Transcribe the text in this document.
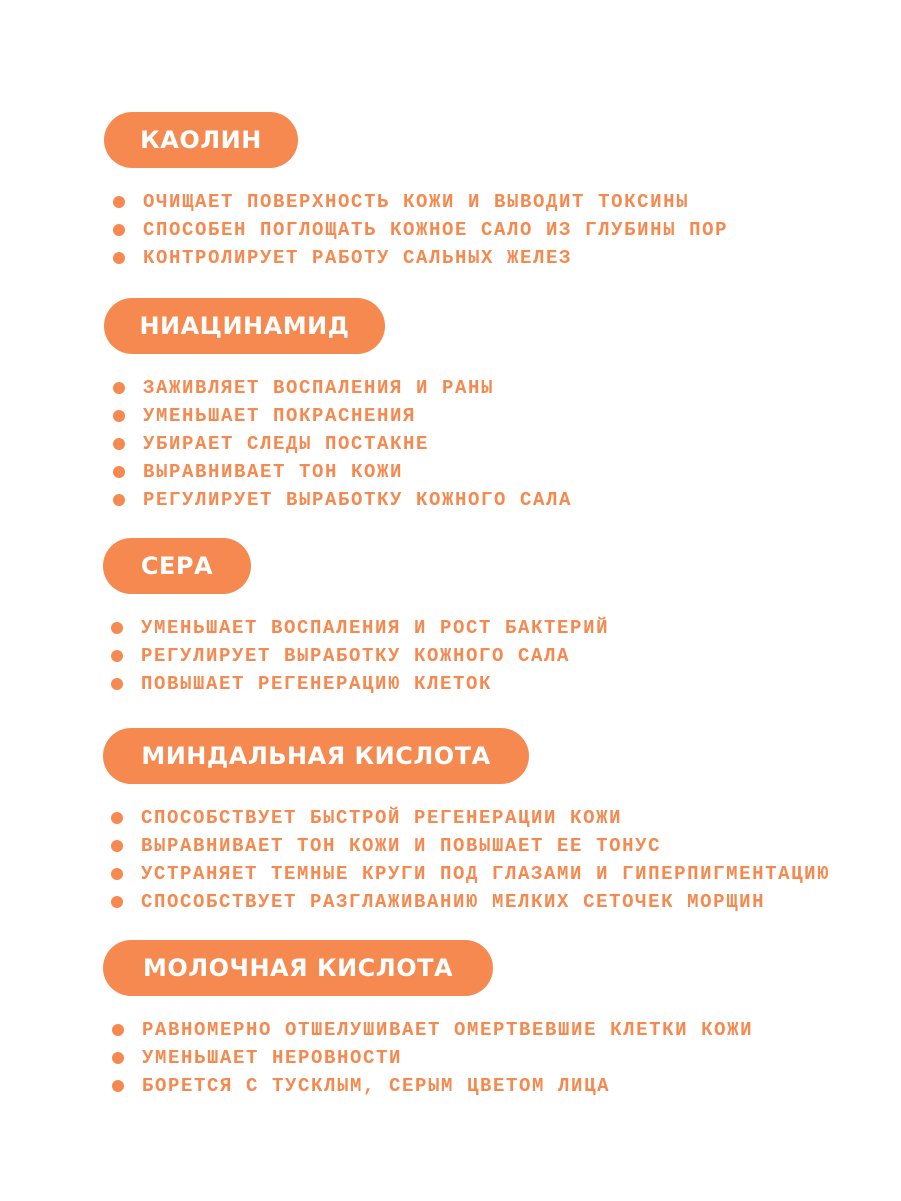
КАОЛИН
ОЧИЩАЕТ ПОВЕРХНОСТЬ КОЖИ И ВЫВОДИТ ТОКСИНЫ
СПОСОБЕН ПОГЛОЩАТЬ КОЖНОЕ САЛО ИЗ ГЛУБИНЫ ПОР
КОНТРОЛИРУЕТ РАБОТУ САЛЬНЫХ ЖЕЛЕЗ
НИАЦИНАМИД
ЗАЖИВЛЯЕТ ВОСПАЛЕНИЯ И РАНЫ
УМЕНЬШАЕТ ПОКРАСНЕНИЯ
УБИРАЕТ СЛЕДЫ ПОСТАКНЕ
ВЫРАВНИВАЕТ ТОН КОЖИ
РЕГУЛИРУЕТ ВЫРАБОТКУ КОЖНОГО САЛА
СЕРА
УМЕНЬШАЕТ ВОСПАЛЕНИЯ И РОСТ БАКТЕРИЙ
РЕГУЛИРУЕТ ВЫРАБОТКУ КОЖНОГО САЛА
ПОВЫШАЕТ РЕГЕНЕРАЦИЮ КЛЕТОК
МИНДАЛЬНАЯ КИСЛОТА
СПОСОБСТВУЕТ БЫСТРОЙ РЕГЕНЕРАЦИИ КОЖИ
ВЫРАВНИВАЕТ ТОН КОЖИ И ПОВЫШАЕТ ЕЕ ТОНУС
УСТРАНЯЕТ ТЕМНЫЕ КРУГИ ПОД ГЛАЗАМИ И ГИПЕРПИГМЕНТАЦИЮ
СПОСОБСТВУЕТ РАЗГЛАЖИВАНИЮ МЕЛКИХ СЕТОЧЕК МОРЩИН
МОЛОЧНАЯ КИСЛОТА
РАВНОМЕРНО ОТШЕЛУШИВАЕТ ОМЕРТВЕВШИЕ КЛЕТКИ КОЖИ
УМЕНЬШАЕТ НЕРОВНОСТИ
БОРЕТСЯ С ТУСКЛЫМ, СЕРЫМ ЦВЕТОМ ЛИЦА
